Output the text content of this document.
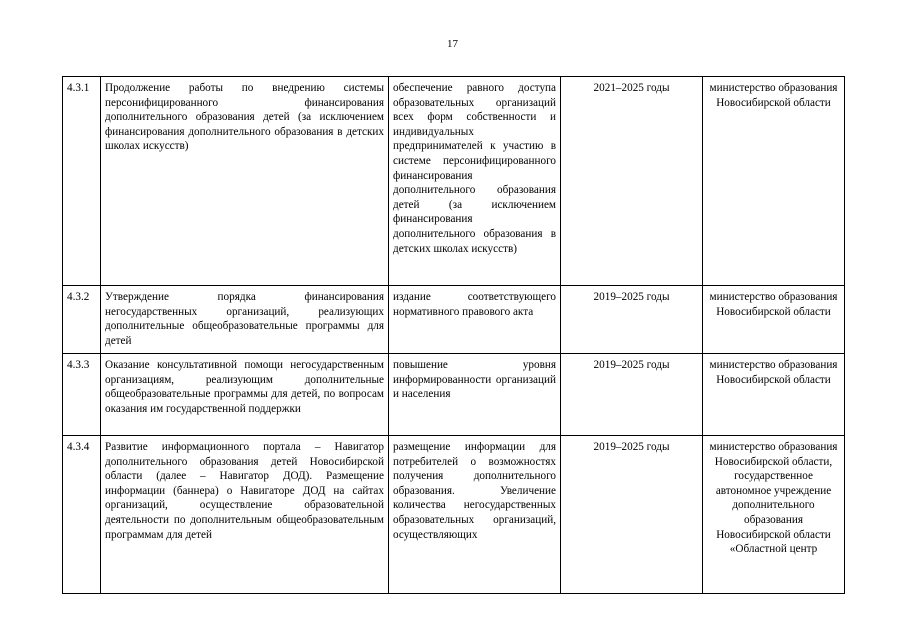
17
4.3.1	Продолжение работы по внедрению системы персонифицированного финансирования дополнительного образования детей (за исключением финансирования дополнительного образования в детских школах искусств)	обеспечение равного доступа образовательных организаций всех форм собственности и индивидуальных предпринимателей к участию в системе персонифицированного финансирования дополнительного образования детей (за исключением финансирования дополнительного образования в детских школах искусств)	2021–2025 годы	министерство образования Новосибирской области
4.3.2	Утверждение порядка финансирования негосударственных организаций, реализующих дополнительные общеобразовательные программы для детей	издание соответствующего нормативного правового акта	2019–2025 годы	министерство образования Новосибирской области
4.3.3	Оказание консультативной помощи негосударственным организациям, реализующим дополнительные общеобразовательные программы для детей, по вопросам оказания им государственной поддержки	повышение уровня информированности организаций и населения	2019–2025 годы	министерство образования Новосибирской области
4.3.4	Развитие информационного портала – Навигатор дополнительного образования детей Новосибирской области (далее – Навигатор ДОД). Размещение информации (баннера) о Навигаторе ДОД на сайтах организаций, осуществление образовательной деятельности по дополнительным общеобразовательным программам для детей	размещение информации для потребителей о возможностях получения дополнительного образования. Увеличение количества негосударственных образовательных организаций, осуществляющих	2019–2025 годы	министерство образования Новосибирской области, государственное автономное учреждение дополнительного образования Новосибирской области «Областной центр
